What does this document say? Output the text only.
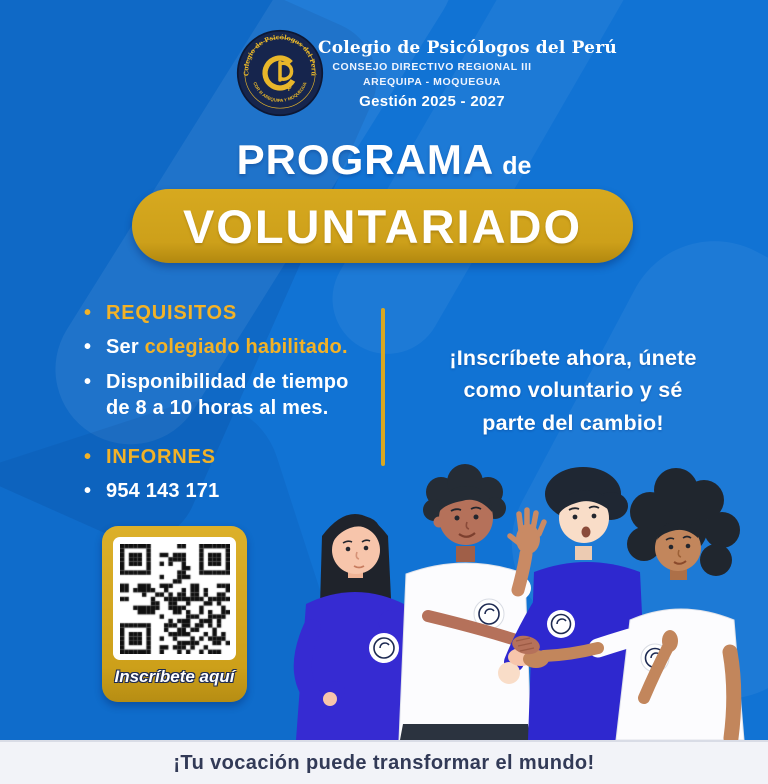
Colegio de Psicólogos del Perú
CDR III AREQUIPA Y MOQUEGUA
ψ
Colegio de Psicólogos del Perú
CONSEJO DIRECTIVO REGIONAL III
AREQUIPA - MOQUEGUA
Gestión 2025 - 2027
PROGRAMA de
VOLUNTARIADO
• REQUISITOS
• Ser colegiado habilitado.
• Disponibilidad de tiempo de 8 a 10 horas al mes.
• INFORNES
• 954 143 171
¡Inscríbete ahora, únete
como voluntario y sé
parte del cambio!
Inscríbete aquí
¡Tu vocación puede transformar el mundo!
